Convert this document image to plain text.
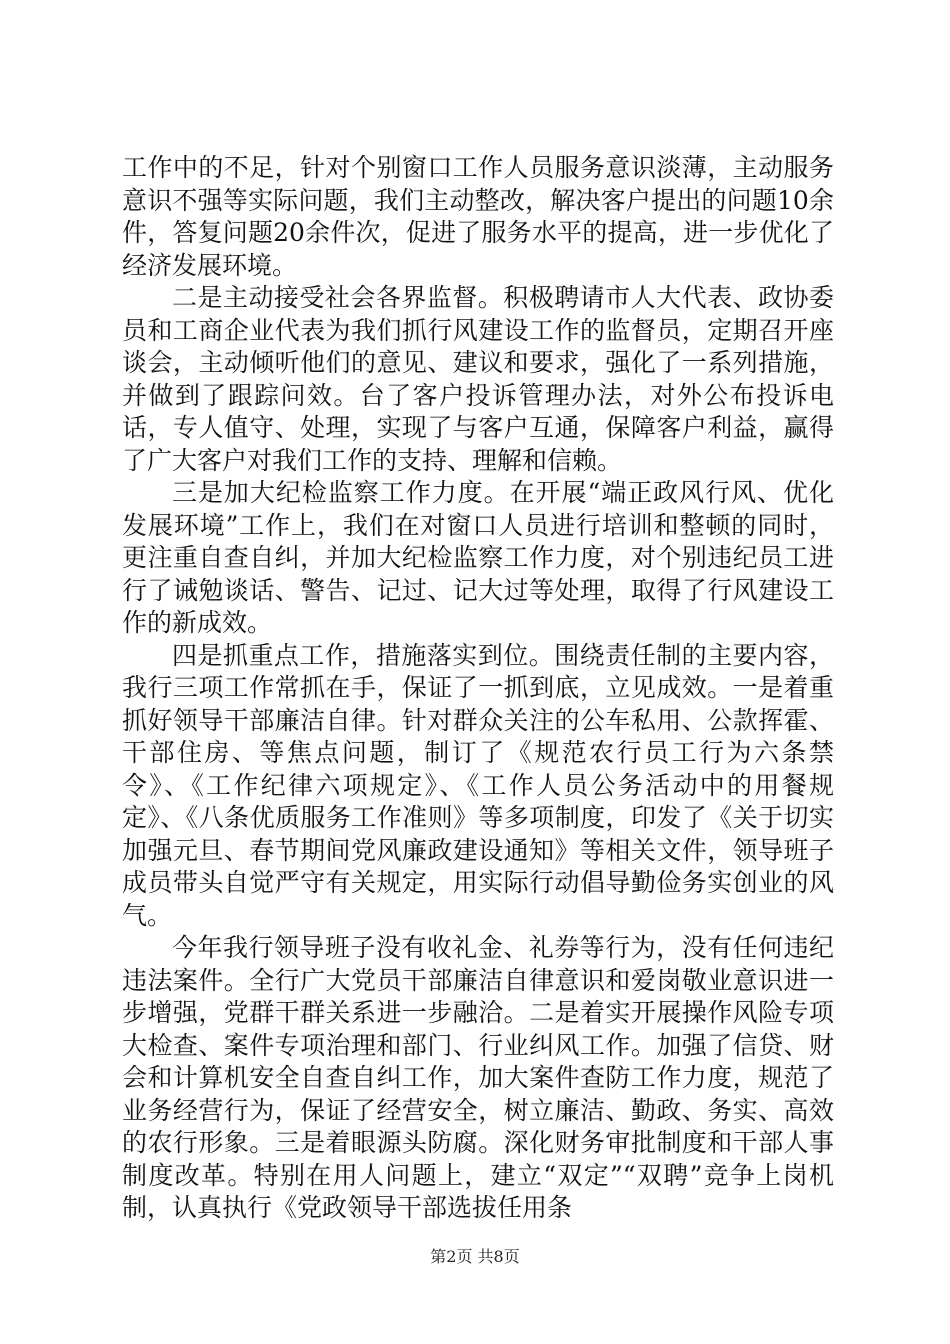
工作中的不足，针对个别窗口工作人员服务意识淡薄，主动服务意识不强等实际问题，我们主动整改，解决客户提出的问题10余件，答复问题20余件次，促进了服务水平的提高，进一步优化了经济发展环境。

二是主动接受社会各界监督。积极聘请市人大代表、政协委员和工商企业代表为我们抓行风建设工作的监督员，定期召开座谈会，主动倾听他们的意见、建议和要求，强化了一系列措施，并做到了跟踪问效。台了客户投诉管理办法，对外公布投诉电话，专人值守、处理，实现了与客户互通，保障客户利益，赢得了广大客户对我们工作的支持、理解和信赖。

三是加大纪检监察工作力度。在开展“端正政风行风、优化发展环境”工作上，我们在对窗口人员进行培训和整顿的同时，更注重自查自纠，并加大纪检监察工作力度，对个别违纪员工进行了诫勉谈话、警告、记过、记大过等处理，取得了行风建设工作的新成效。

四是抓重点工作，措施落实到位。围绕责任制的主要内容，我行三项工作常抓在手，保证了一抓到底，立见成效。一是着重抓好领导干部廉洁自律。针对群众关注的公车私用、公款挥霍、干部住房、等焦点问题，制订了《规范农行员工行为六条禁令》、《工作纪律六项规定》、《工作人员公务活动中的用餐规定》、《八条优质服务工作准则》等多项制度，印发了《关于切实加强元旦、春节期间党风廉政建设通知》等相关文件，领导班子成员带头自觉严守有关规定，用实际行动倡导勤俭务实创业的风气。

今年我行领导班子没有收礼金、礼券等行为，没有任何违纪违法案件。全行广大党员干部廉洁自律意识和爱岗敬业意识进一步增强，党群干群关系进一步融洽。二是着实开展操作风险专项大检查、案件专项治理和部门、行业纠风工作。加强了信贷、财会和计算机安全自查自纠工作，加大案件查防工作力度，规范了业务经营行为，保证了经营安全，树立廉洁、勤政、务实、高效的农行形象。三是着眼源头防腐。深化财务审批制度和干部人事制度改革。特别在用人问题上，建立“双定”“双聘”竞争上岗机制，认真执行《党政领导干部选拔任用条

第2页 共8页
